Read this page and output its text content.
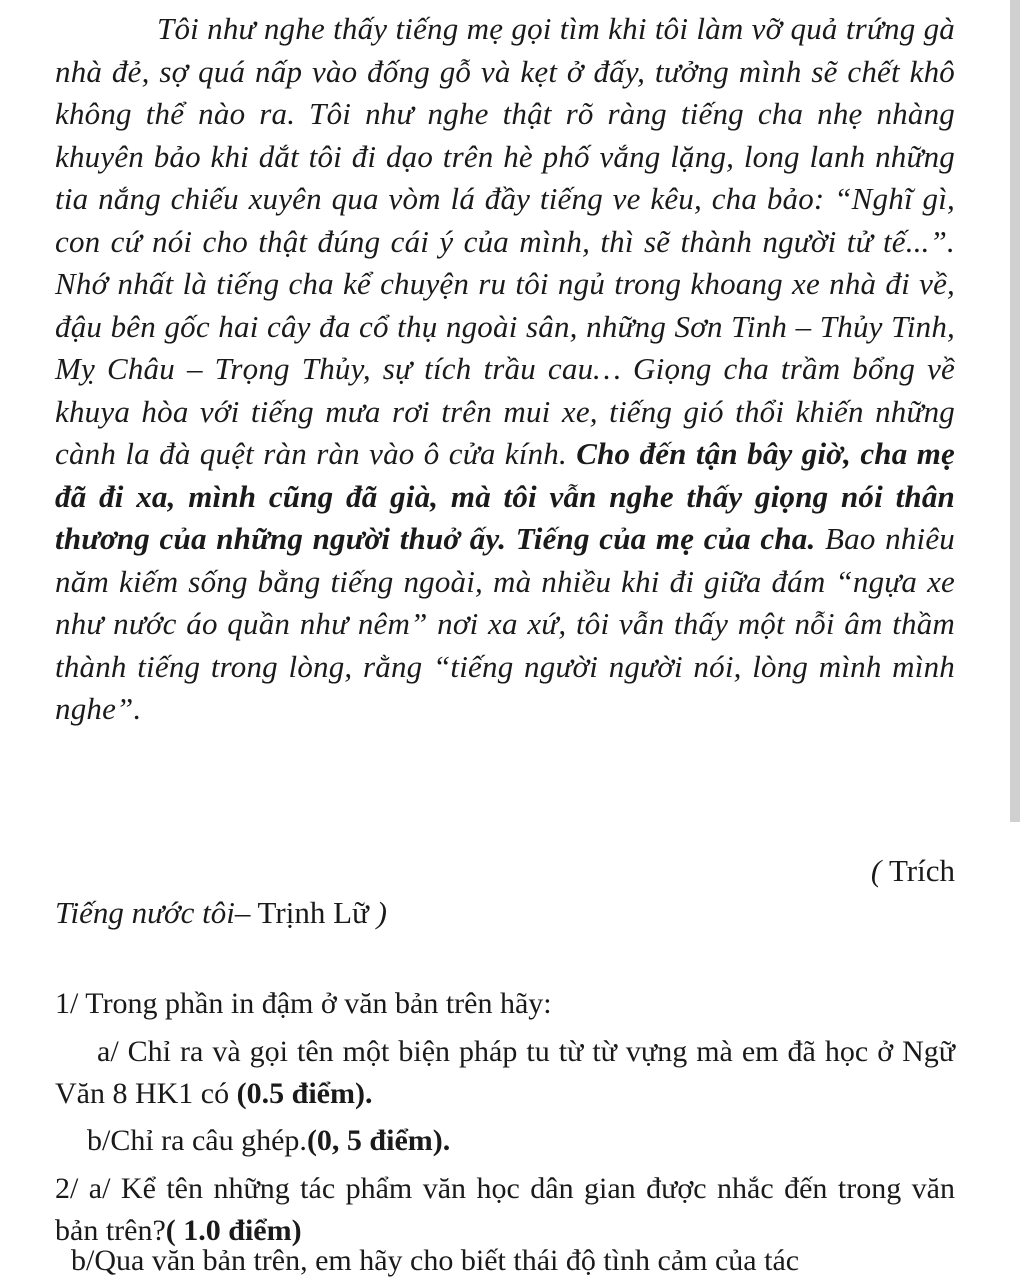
Tôi như nghe thấy tiếng mẹ gọi tìm khi tôi làm vỡ quả trứng gà nhà đẻ, sợ quá nấp vào đống gỗ và kẹt ở đấy, tưởng mình sẽ chết khô không thể nào ra. Tôi như nghe thật rõ ràng tiếng cha nhẹ nhàng khuyên bảo khi dắt tôi đi dạo trên hè phố vắng lặng, long lanh những tia nắng chiếu xuyên qua vòm lá đầy tiếng ve kêu, cha bảo: “Nghĩ gì, con cứ nói cho thật đúng cái ý của mình, thì sẽ thành người tử tế...”. Nhớ nhất là tiếng cha kể chuyện ru tôi ngủ trong khoang xe nhà đi về, đậu bên gốc hai cây đa cổ thụ ngoài sân, những Sơn Tinh – Thủy Tinh, Mỵ Châu – Trọng Thủy, sự tích trầu cau… Giọng cha trầm bổng về khuya hòa với tiếng mưa rơi trên mui xe, tiếng gió thổi khiến những cành la đà quệt ràn ràn vào ô cửa kính. Cho đến tận bây giờ, cha mẹ đã đi xa, mình cũng đã già, mà tôi vẫn nghe thấy giọng nói thân thương của những người thuở ấy. Tiếng của mẹ của cha. Bao nhiêu năm kiếm sống bằng tiếng ngoài, mà nhiều khi đi giữa đám “ngựa xe như nước áo quần như nêm” nơi xa xứ, tôi vẫn thấy một nỗi âm thầm thành tiếng trong lòng, rằng “tiếng người người nói, lòng mình mình nghe”.
( Trích
Tiếng nước tôi– Trịnh Lữ )
1/ Trong phần in đậm ở văn bản trên hãy:
a/ Chỉ ra và gọi tên một biện pháp tu từ từ vựng mà em đã học ở Ngữ Văn 8 HK1 có (0.5 điểm).
b/Chỉ ra câu ghép.(0, 5 điểm).
2/ a/ Kể tên những tác phẩm văn học dân gian được nhắc đến trong văn bản trên?( 1.0 điểm)
b/Qua văn bản trên, em hãy cho biết thái độ tình cảm của tác
